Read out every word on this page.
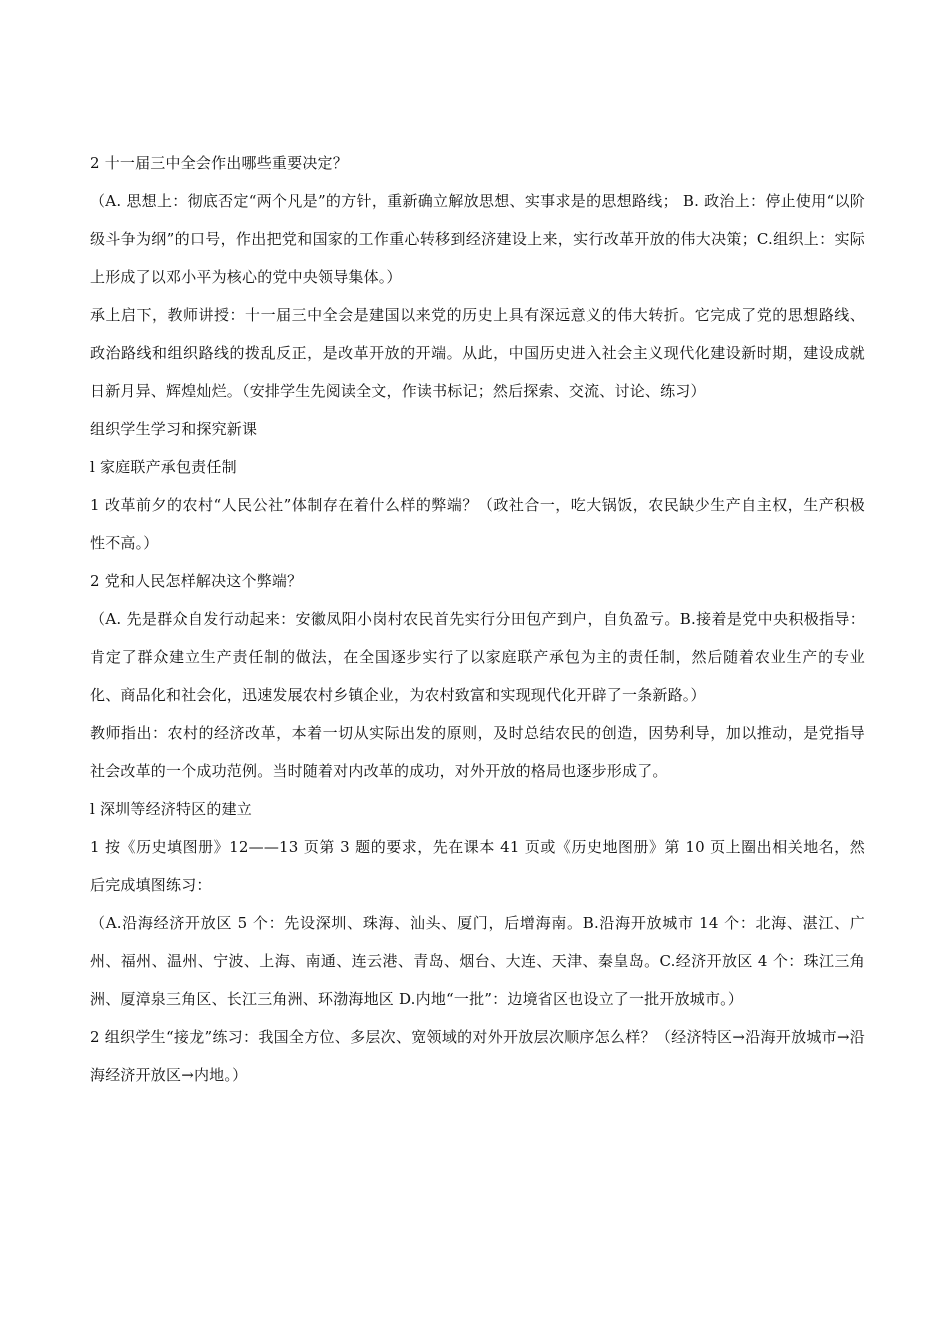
2 十一届三中全会作出哪些重要决定？

（A. 思想上：彻底否定“两个凡是”的方针，重新确立解放思想、实事求是的思想路线； B. 政治上：停止使用“以阶级斗争为纲”的口号，作出把党和国家的工作重心转移到经济建设上来，实行改革开放的伟大决策；C.组织上：实际上形成了以邓小平为核心的党中央领导集体。）

承上启下，教师讲授：十一届三中全会是建国以来党的历史上具有深远意义的伟大转折。它完成了党的思想路线、政治路线和组织路线的拨乱反正，是改革开放的开端。从此，中国历史进入社会主义现代化建设新时期，建设成就日新月异、辉煌灿烂。（安排学生先阅读全文，作读书标记；然后探索、交流、讨论、练习）

组织学生学习和探究新课

l 家庭联产承包责任制

1 改革前夕的农村“人民公社”体制存在着什么样的弊端？（政社合一，吃大锅饭，农民缺少生产自主权，生产积极性不高。）

2 党和人民怎样解决这个弊端？

（A. 先是群众自发行动起来：安徽凤阳小岗村农民首先实行分田包产到户，自负盈亏。B.接着是党中央积极指导：肯定了群众建立生产责任制的做法，在全国逐步实行了以家庭联产承包为主的责任制，然后随着农业生产的专业化、商品化和社会化，迅速发展农村乡镇企业，为农村致富和实现现代化开辟了一条新路。）

教师指出：农村的经济改革，本着一切从实际出发的原则，及时总结农民的创造，因势利导，加以推动，是党指导社会改革的一个成功范例。当时随着对内改革的成功，对外开放的格局也逐步形成了。

l 深圳等经济特区的建立

1 按《历史填图册》12——13 页第 3 题的要求，先在课本 41 页或《历史地图册》第 10 页上圈出相关地名，然后完成填图练习：

（A.沿海经济开放区 5 个：先设深圳、珠海、汕头、厦门，后增海南。B.沿海开放城市 14 个：北海、湛江、广州、福州、温州、宁波、上海、南通、连云港、青岛、烟台、大连、天津、秦皇岛。C.经济开放区 4 个：珠江三角洲、厦漳泉三角区、长江三角洲、环渤海地区 D.内地“一批”：边境省区也设立了一批开放城市。）

2 组织学生“接龙”练习：我国全方位、多层次、宽领域的对外开放层次顺序怎么样？（经济特区→沿海开放城市→沿海经济开放区→内地。）
